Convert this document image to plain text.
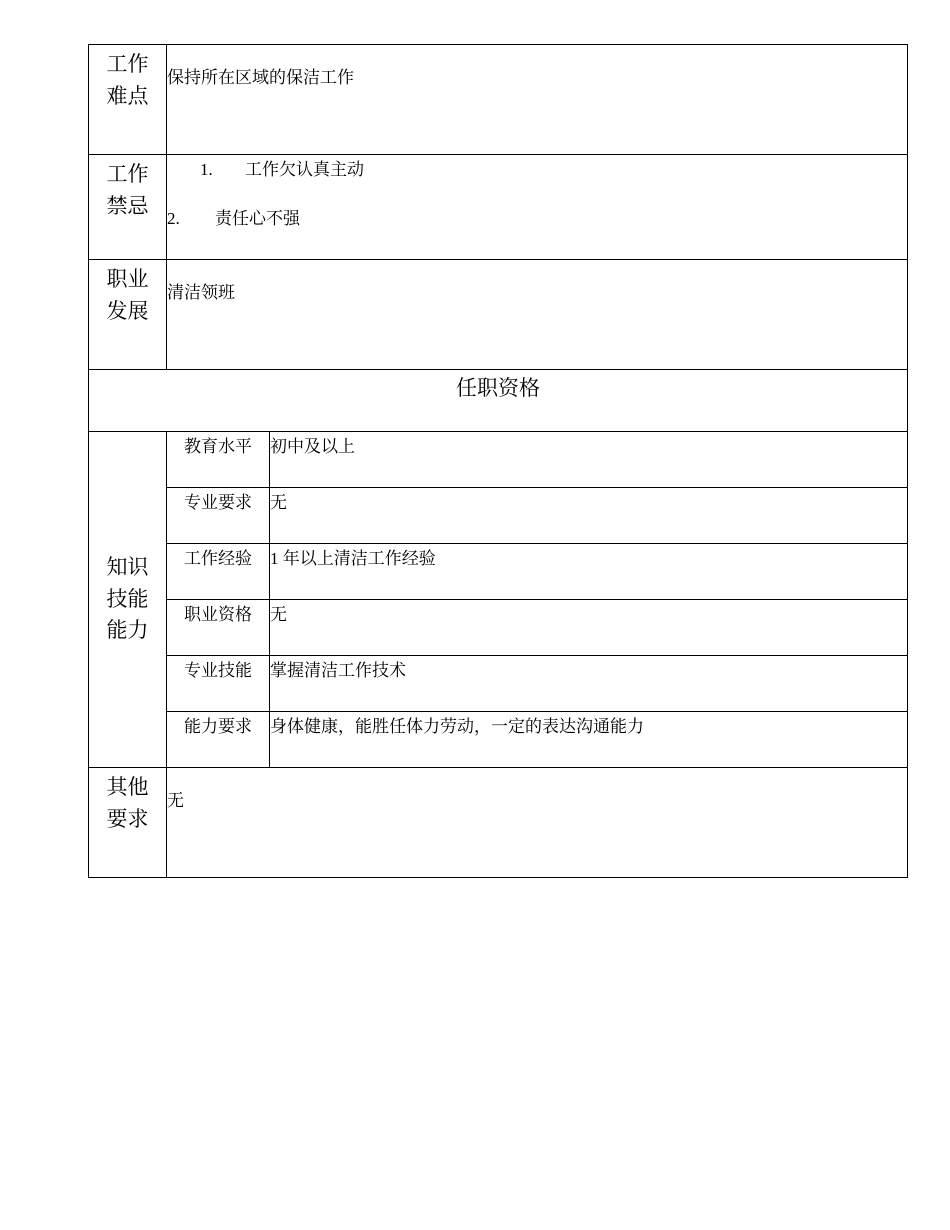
工作
难点	保持所在区域的保洁工作	

工作
禁忌	1. 工作欠认真主动
2. 责任心不强	

职业
发展	清洁领班	
任职资格		

知识
技能
能力	教育水平	初中及以上
	专业要求	无
	工作经验	1 年以上清洁工作经验
	职业资格	无
	专业技能	掌握清洁工作技术
	能力要求	身体健康，能胜任体力劳动，一定的表达沟通能力

其他
要求	无	
